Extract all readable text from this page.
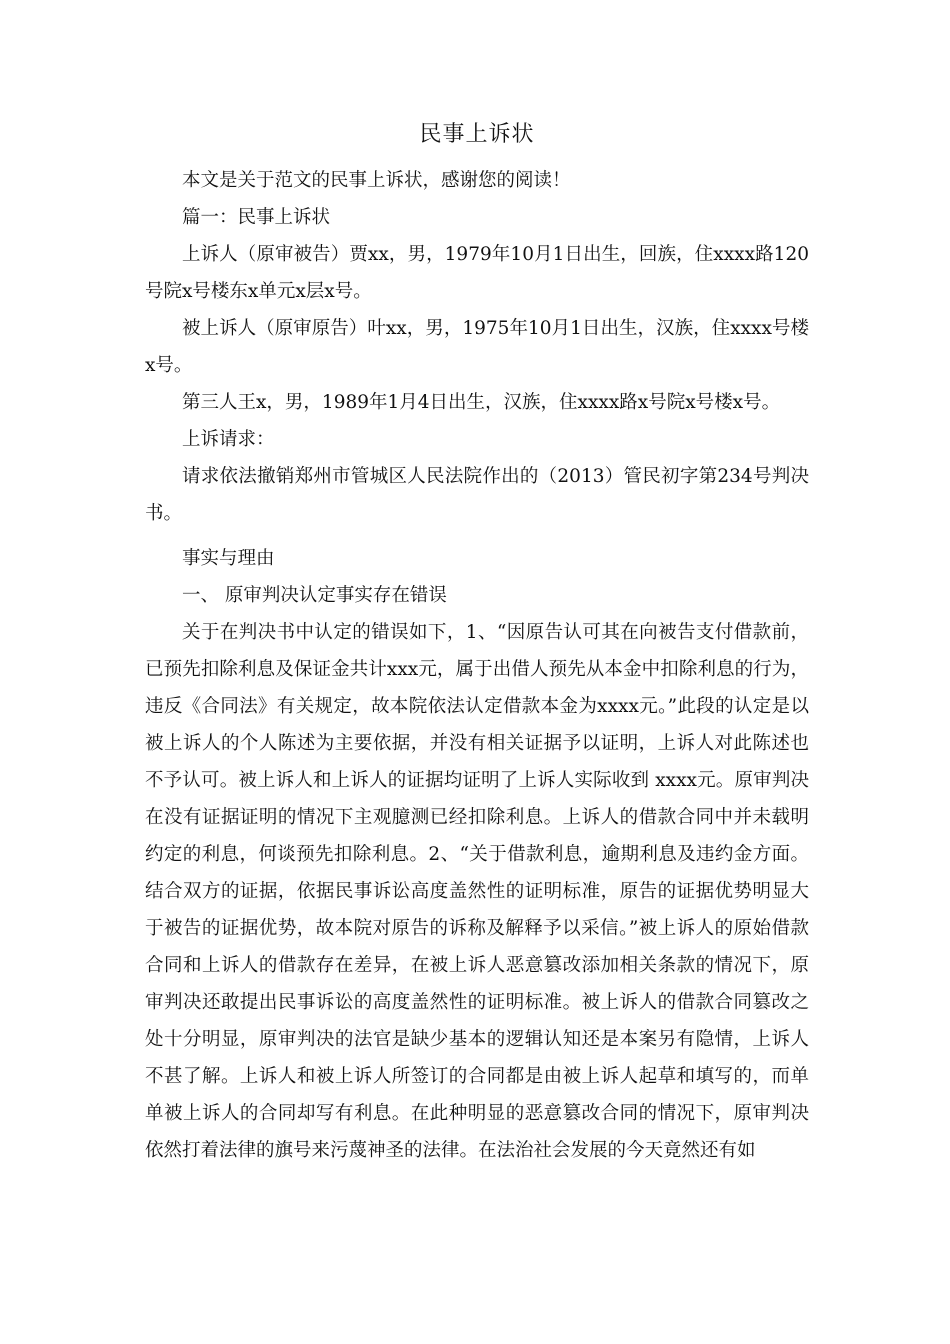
民事上诉状

本文是关于范文的民事上诉状，感谢您的阅读！

篇一：民事上诉状

上诉人（原审被告）贾xx，男，1979年10月1日出生，回族，住xxxx路120号院x号楼东x单元x层x号。

被上诉人（原审原告）叶xx，男，1975年10月1日出生，汉族，住xxxx号楼x号。

第三人王x，男，1989年1月4日出生，汉族，住xxxx路x号院x号楼x号。

上诉请求：

请求依法撤销郑州市管城区人民法院作出的（2013）管民初字第234号判决书。

事实与理由

一、 原审判决认定事实存在错误

关于在判决书中认定的错误如下，1、“因原告认可其在向被告支付借款前，已预先扣除利息及保证金共计xxx元，属于出借人预先从本金中扣除利息的行为，违反《合同法》有关规定，故本院依法认定借款本金为xxxx元。”此段的认定是以被上诉人的个人陈述为主要依据，并没有相关证据予以证明，上诉人对此陈述也不予认可。被上诉人和上诉人的证据均证明了上诉人实际收到 xxxx元。原审判决在没有证据证明的情况下主观臆测已经扣除利息。上诉人的借款合同中并未载明约定的利息，何谈预先扣除利息。2、“关于借款利息，逾期利息及违约金方面。结合双方的证据，依据民事诉讼高度盖然性的证明标准，原告的证据优势明显大于被告的证据优势，故本院对原告的诉称及解释予以采信。”被上诉人的原始借款合同和上诉人的借款存在差异，在被上诉人恶意篡改添加相关条款的情况下，原审判决还敢提出民事诉讼的高度盖然性的证明标准。被上诉人的借款合同篡改之处十分明显，原审判决的法官是缺少基本的逻辑认知还是本案另有隐情，上诉人不甚了解。上诉人和被上诉人所签订的合同都是由被上诉人起草和填写的，而单单被上诉人的合同却写有利息。在此种明显的恶意篡改合同的情况下，原审判决依然打着法律的旗号来污蔑神圣的法律。在法治社会发展的今天竟然还有如
